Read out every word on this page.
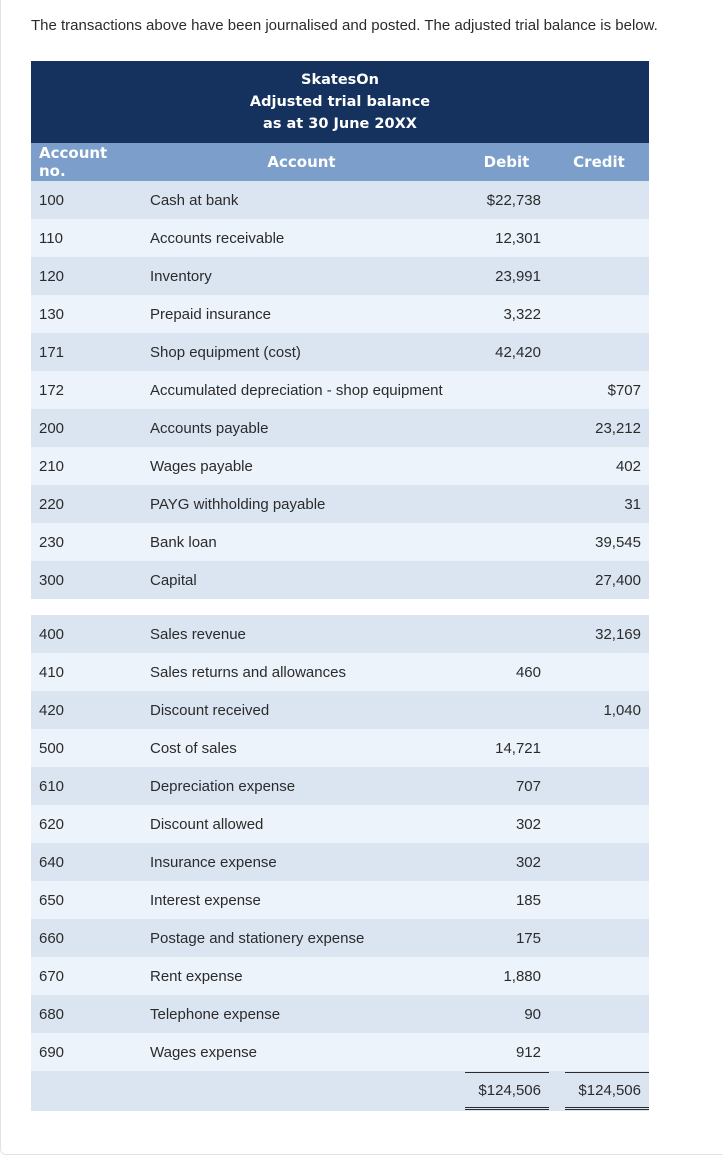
The transactions above have been journalised and posted. The adjusted trial balance is below.

SkatesOn
Adjusted trial balance
as at 30 June 20XX			

Account no.	Account	Debit	Credit
100	Cash at bank	$22,738	
110	Accounts receivable	12,301	
120	Inventory	23,991	
130	Prepaid insurance	3,322	
171	Shop equipment (cost)	42,420	
172	Accumulated depreciation - shop equipment		$707
200	Accounts payable		23,212
210	Wages payable		402
220	PAYG withholding payable		31
230	Bank loan		39,545
300	Capital		27,400

400	Sales revenue		32,169
410	Sales returns and allowances	460	
420	Discount received		1,040
500	Cost of sales	14,721	
610	Depreciation expense	707	
620	Discount allowed	302	
640	Insurance expense	302	
650	Interest expense	185	
660	Postage and stationery expense	175	
670	Rent expense	1,880	
680	Telephone expense	90	
690	Wages expense	912	
		$124,506	$124,506
